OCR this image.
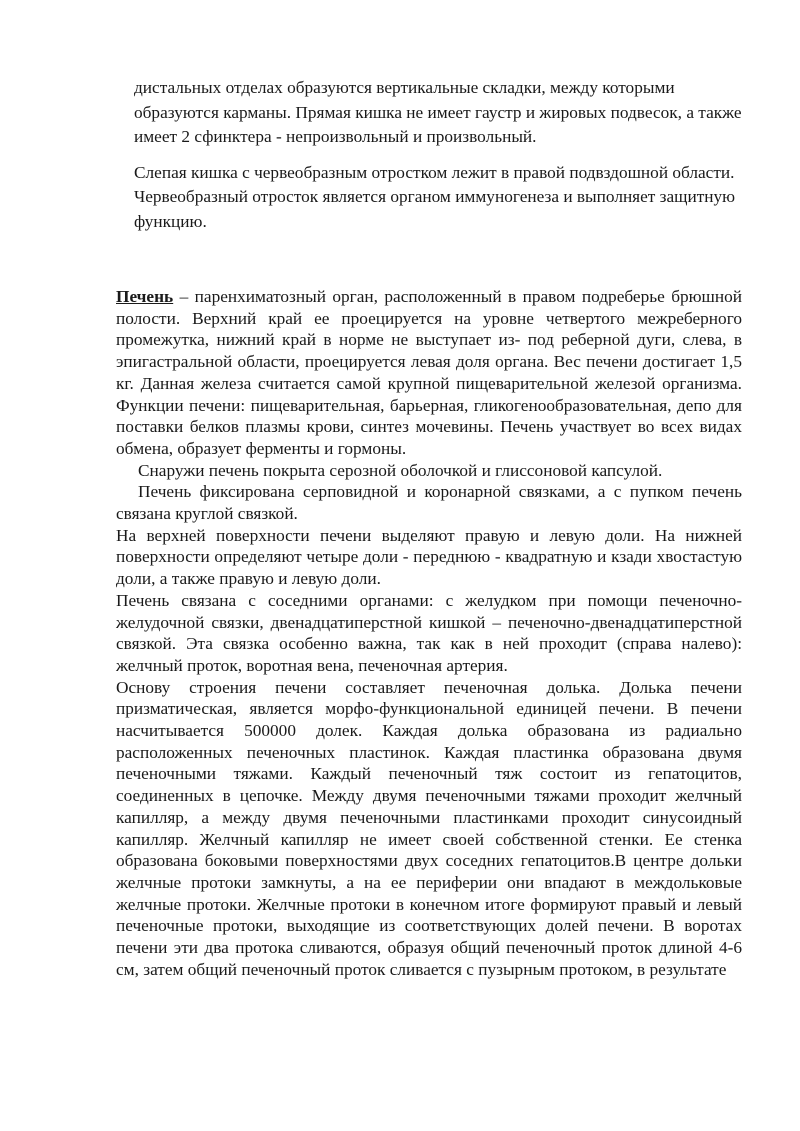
дистальных отделах образуются вертикальные складки, между которыми образуются карманы. Прямая кишка не имеет гаустр и жировых подвесок, а также имеет 2 сфинктера - непроизвольный и произвольный.

Слепая кишка с червеобразным отростком лежит в правой подвздошной области. Червеобразный отросток является органом иммуногенеза и выполняет защитную функцию.

Печень – паренхиматозный орган, расположенный в правом подреберье брюшной полости. Верхний край ее проецируется на уровне четвертого межреберного промежутка, нижний край в норме не выступает из- под реберной дуги, слева, в эпигастральной области, проецируется левая доля органа. Вес печени достигает 1,5 кг. Данная железа считается самой крупной пищеварительной железой организма. Функции печени: пищеварительная, барьерная, гликогенообразовательная, депо для поставки белков плазмы крови, синтез мочевины. Печень участвует во всех видах обмена, образует ферменты и гормоны.

Снаружи печень покрыта серозной оболочкой и глиссоновой капсулой.

Печень фиксирована серповидной и коронарной связками, а с пупком печень связана круглой связкой.

На верхней поверхности печени выделяют правую и левую доли. На нижней поверхности определяют четыре доли - переднюю - квадратную и кзади хвостастую доли, а также правую и левую доли.

Печень связана с соседними органами: с желудком при помощи печеночно-желудочной связки, двенадцатиперстной кишкой – печеночно-двенадцатиперстной связкой. Эта связка особенно важна, так как в ней проходит (справа налево): желчный проток, воротная вена, печеночная артерия.

Основу строения печени составляет печеночная долька. Долька печени призматическая, является морфо-функциональной единицей печени. В печени насчитывается 500000 долек. Каждая долька образована из радиально расположенных печеночных пластинок. Каждая пластинка образована двумя печеночными тяжами. Каждый печеночный тяж состоит из гепатоцитов, соединенных в цепочке. Между двумя печеночными тяжами проходит желчный капилляр, а между двумя печеночными пластинками проходит синусоидный капилляр. Желчный капилляр не имеет своей собственной стенки. Ее стенка образована боковыми поверхностями двух соседних гепатоцитов.В центре дольки желчные протоки замкнуты, а на ее периферии они впадают в междольковые желчные протоки. Желчные протоки в конечном итоге формируют правый и левый печеночные протоки, выходящие из соответствующих долей печени. В воротах печени эти два протока сливаются, образуя общий печеночный проток длиной 4-6 см, затем общий печеночный проток сливается с пузырным протоком, в результате
